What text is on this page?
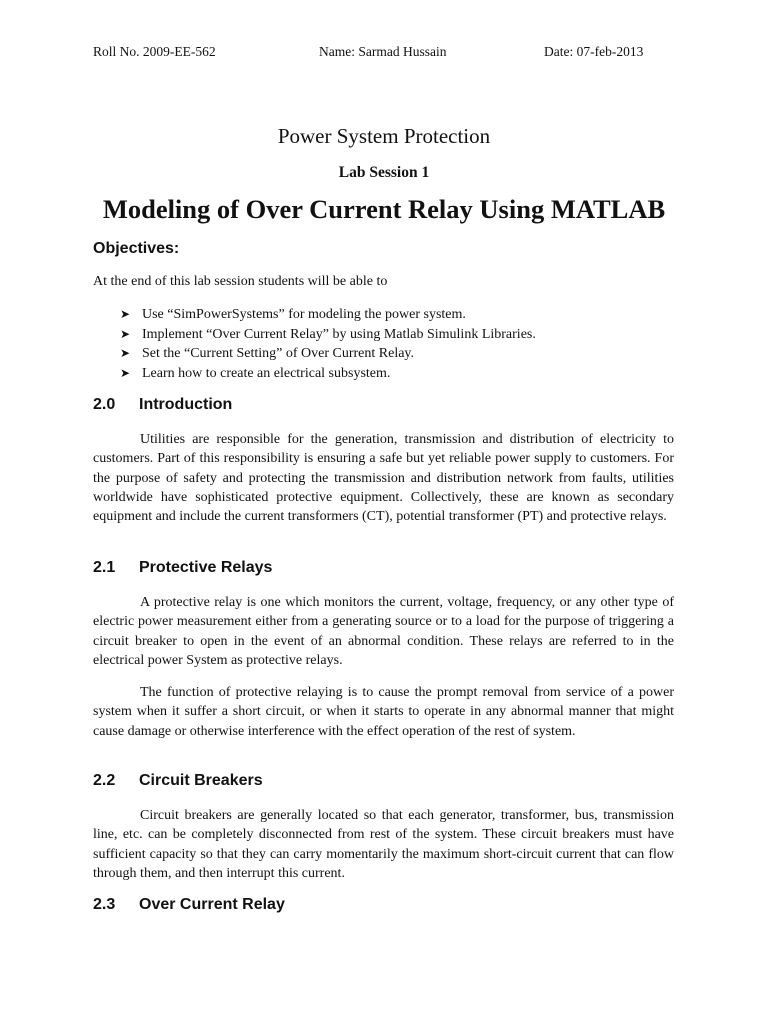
Roll No. 2009-EE-562	Name: Sarmad Hussain	Date: 07-feb-2013
Power System Protection
Lab Session 1
Modeling of Over Current Relay Using MATLAB
Objectives:
At the end of this lab session students will be able to
➤ Use “SimPowerSystems” for modeling the power system.
➤ Implement “Over Current Relay” by using Matlab Simulink Libraries.
➤ Set the “Current Setting” of Over Current Relay.
➤ Learn how to create an electrical subsystem.
2.0 Introduction

Utilities are responsible for the generation, transmission and distribution of electricity to customers. Part of this responsibility is ensuring a safe but yet reliable power supply to customers. For the purpose of safety and protecting the transmission and distribution network from faults, utilities worldwide have sophisticated protective equipment. Collectively, these are known as secondary equipment and include the current transformers (CT), potential transformer (PT) and protective relays.

2.1 Protective Relays

A protective relay is one which monitors the current, voltage, frequency, or any other type of electric power measurement either from a generating source or to a load for the purpose of triggering a circuit breaker to open in the event of an abnormal condition. These relays are referred to in the electrical power System as protective relays.

The function of protective relaying is to cause the prompt removal from service of a power system when it suffer a short circuit, or when it starts to operate in any abnormal manner that might cause damage or otherwise interference with the effect operation of the rest of system.

2.2 Circuit Breakers

Circuit breakers are generally located so that each generator, transformer, bus, transmission line, etc. can be completely disconnected from rest of the system. These circuit breakers must have sufficient capacity so that they can carry momentarily the maximum short-circuit current that can flow through them, and then interrupt this current.

2.3 Over Current Relay
